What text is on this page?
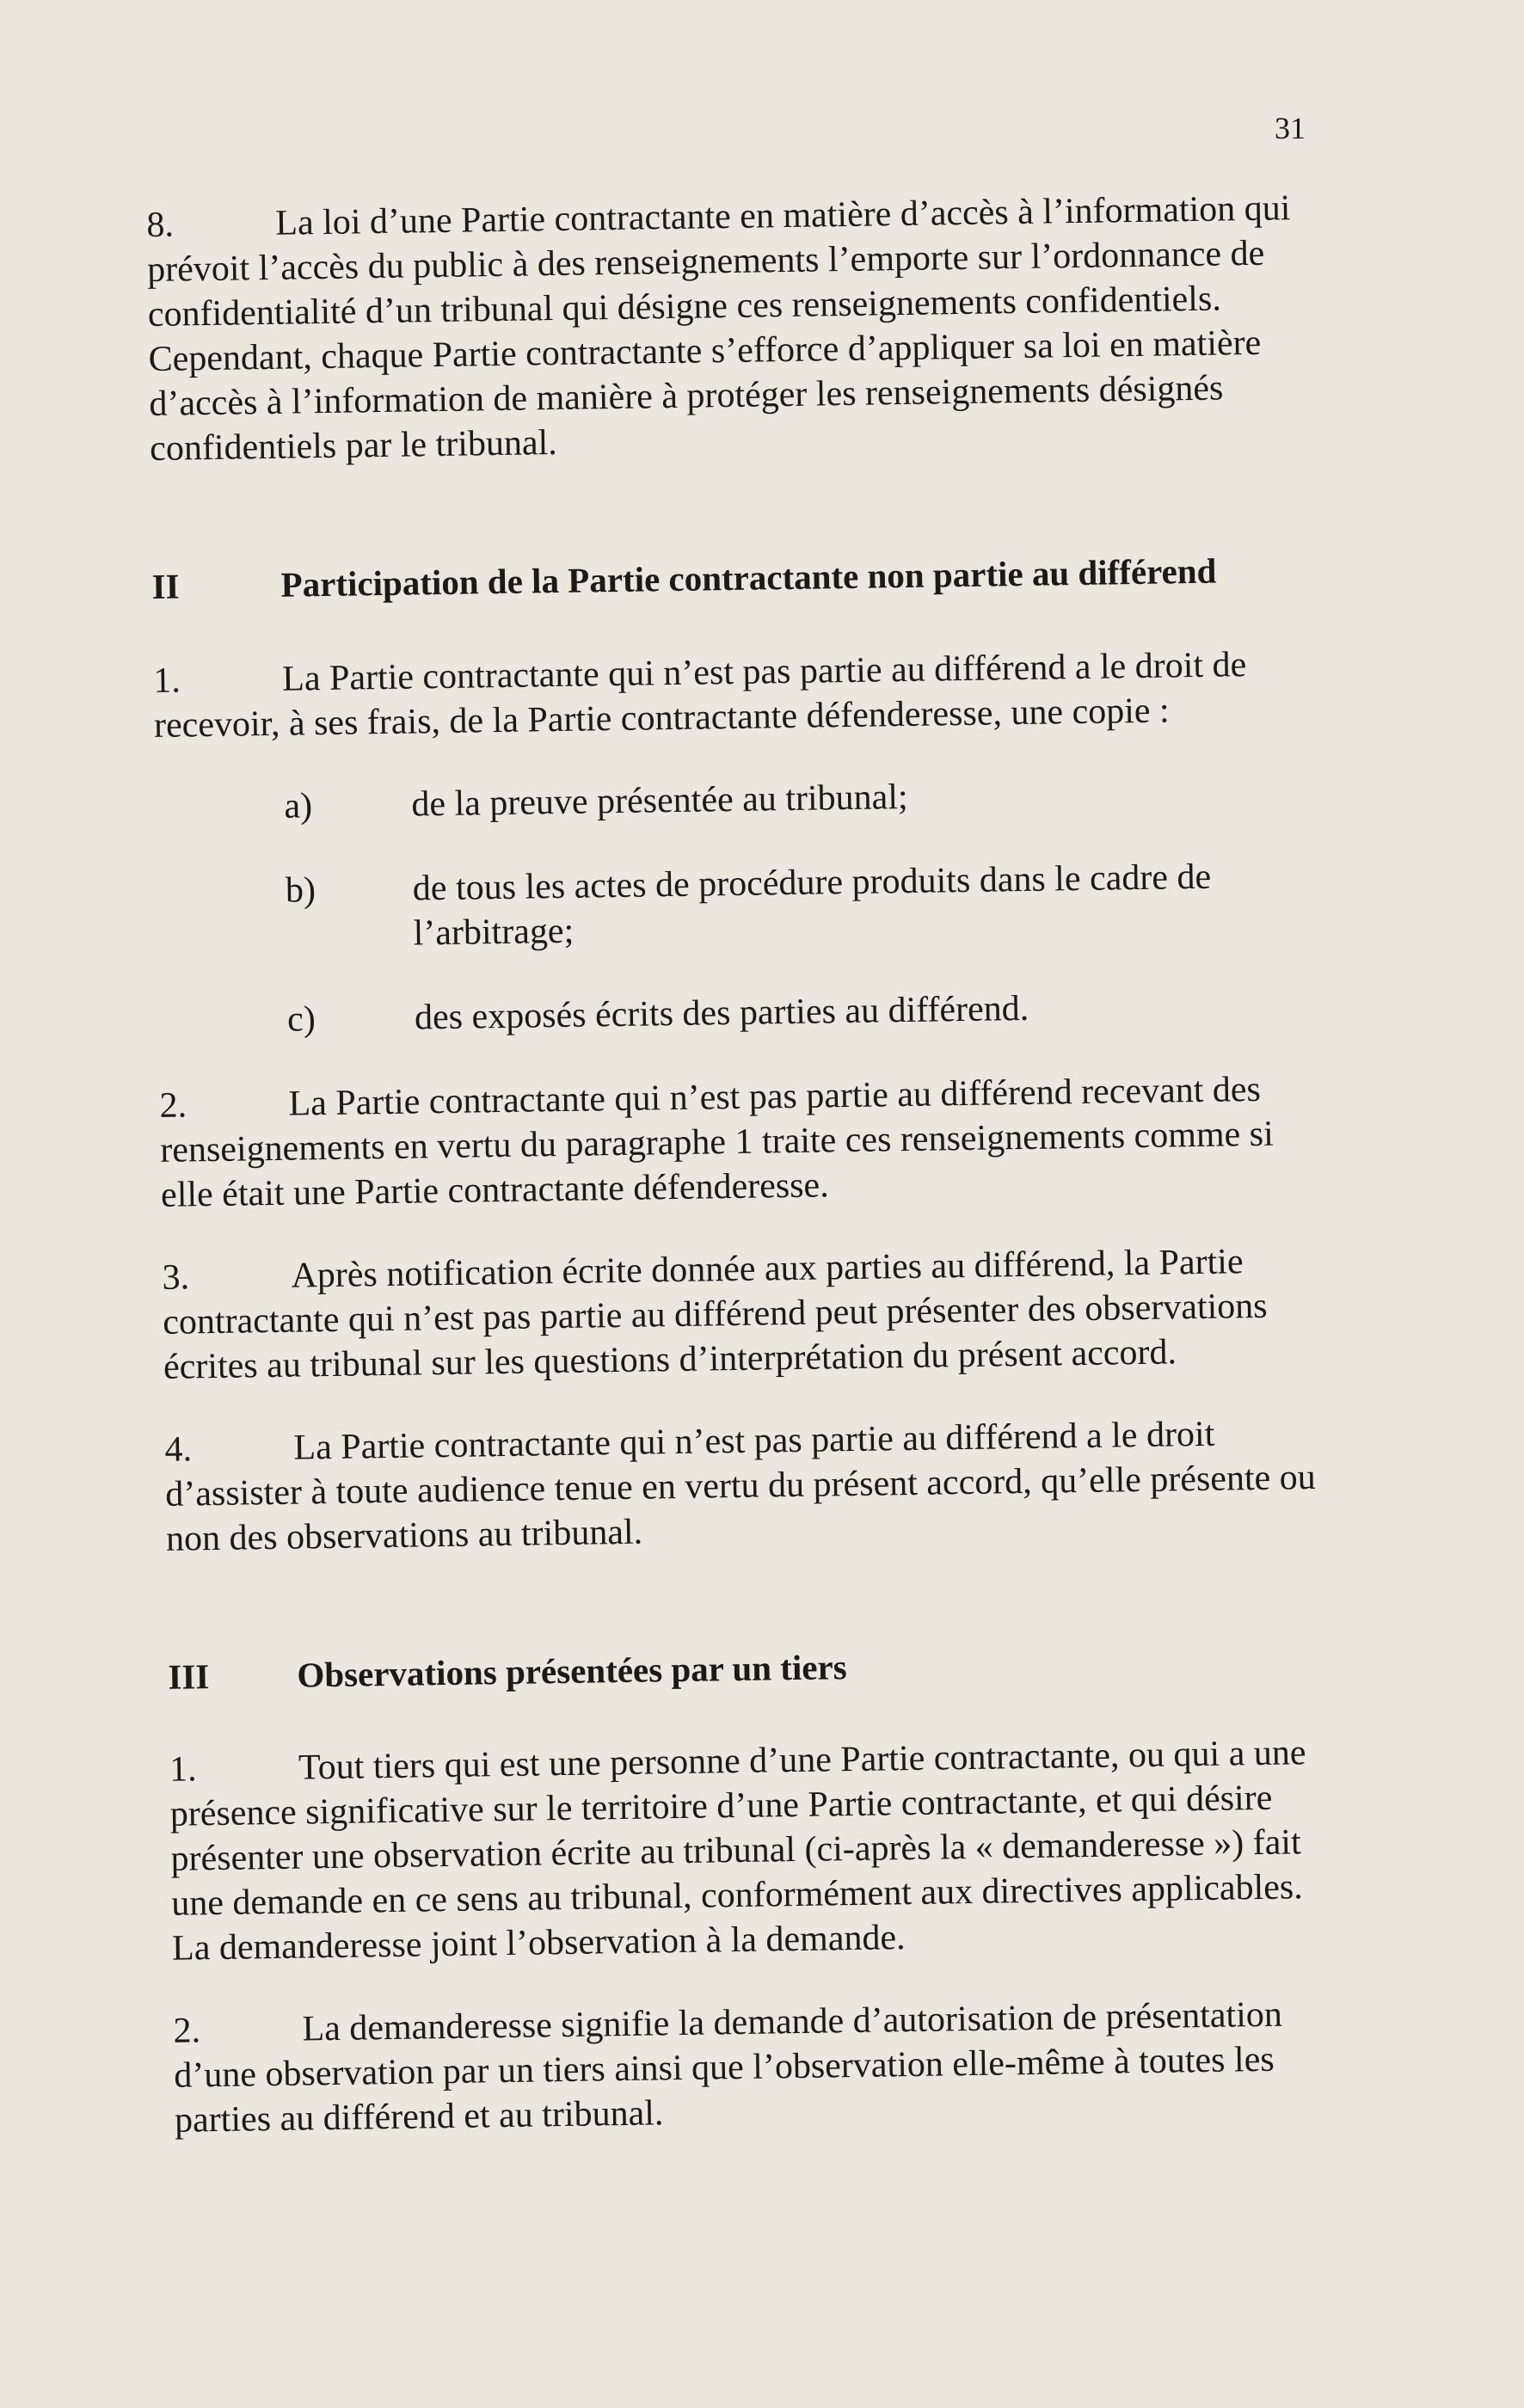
31

8.	La loi d’une Partie contractante en matière d’accès à l’information qui prévoit l’accès du public à des renseignements l’emporte sur l’ordonnance de confidentialité d’un tribunal qui désigne ces renseignements confidentiels. Cependant, chaque Partie contractante s’efforce d’appliquer sa loi en matière d’accès à l’information de manière à protéger les renseignements désignés confidentiels par le tribunal.

II	Participation de la Partie contractante non partie au différend

1.	La Partie contractante qui n’est pas partie au différend a le droit de recevoir, à ses frais, de la Partie contractante défenderesse, une copie :

a)	de la preuve présentée au tribunal;
b)	de tous les actes de procédure produits dans le cadre de l’arbitrage;
c)	des exposés écrits des parties au différend.

2.	La Partie contractante qui n’est pas partie au différend recevant des renseignements en vertu du paragraphe 1 traite ces renseignements comme si elle était une Partie contractante défenderesse.

3.	Après notification écrite donnée aux parties au différend, la Partie contractante qui n’est pas partie au différend peut présenter des observations écrites au tribunal sur les questions d’interprétation du présent accord.

4.	La Partie contractante qui n’est pas partie au différend a le droit d’assister à toute audience tenue en vertu du présent accord, qu’elle présente ou non des observations au tribunal.

III	Observations présentées par un tiers

1.	Tout tiers qui est une personne d’une Partie contractante, ou qui a une présence significative sur le territoire d’une Partie contractante, et qui désire présenter une observation écrite au tribunal (ci-après la « demanderesse ») fait une demande en ce sens au tribunal, conformément aux directives applicables. La demanderesse joint l’observation à la demande.

2.	La demanderesse signifie la demande d’autorisation de présentation d’une observation par un tiers ainsi que l’observation elle-même à toutes les parties au différend et au tribunal.
